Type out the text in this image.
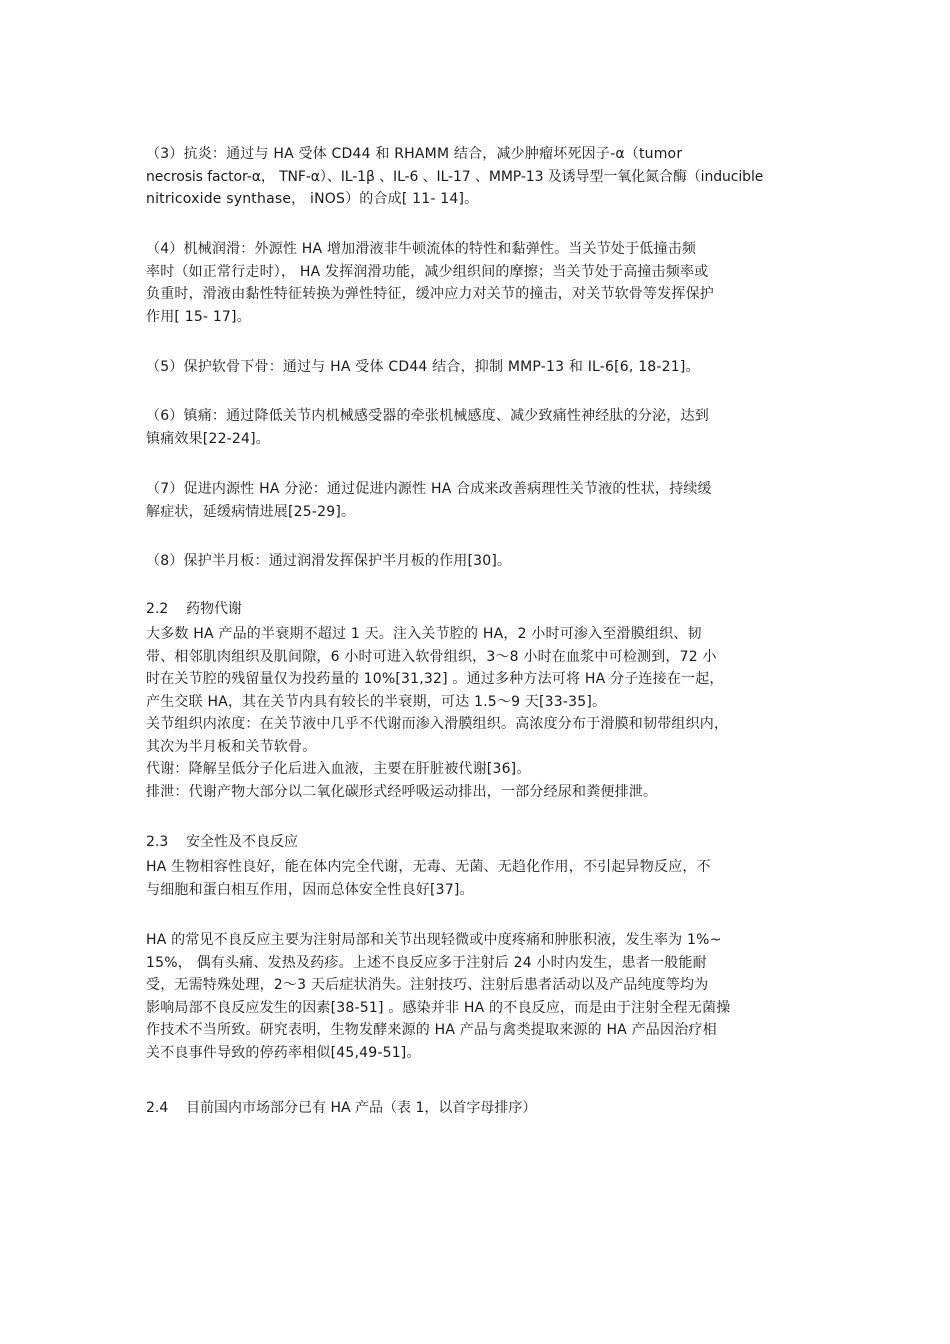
（3）抗炎：通过与 HA 受体 CD44 和 RHAMM 结合，减少肿瘤坏死因子-α（tumor
necrosis factor-α， TNF-α）、IL-1β 、IL-6 、IL-17 、MMP-13 及诱导型一氧化氮合酶（inducible
nitricoxide synthase， iNOS）的合成[ 11- 14]。
（4）机械润滑：外源性 HA 增加滑液非牛顿流体的特性和黏弹性。当关节处于低撞击频
率时（如正常行走时）， HA 发挥润滑功能，减少组织间的摩擦；当关节处于高撞击频率或
负重时，滑液由黏性特征转换为弹性特征，缓冲应力对关节的撞击，对关节软骨等发挥保护
作用[ 15- 17]。
（5）保护软骨下骨：通过与 HA 受体 CD44 结合，抑制 MMP-13 和 IL-6[6, 18-21]。
（6）镇痛：通过降低关节内机械感受器的牵张机械感度、减少致痛性神经肽的分泌，达到
镇痛效果[22-24]。
（7）促进内源性 HA 分泌：通过促进内源性 HA 合成来改善病理性关节液的性状，持续缓
解症状，延缓病情进展[25-29]。
（8）保护半月板：通过润滑发挥保护半月板的作用[30]。
2.2 药物代谢
大多数 HA 产品的半衰期不超过 1 天。注入关节腔的 HA，2 小时可渗入至滑膜组织、韧
带、相邻肌肉组织及肌间隙，6 小时可进入软骨组织，3～8 小时在血浆中可检测到，72 小
时在关节腔的残留量仅为投药量的 10%[31,32] 。通过多种方法可将 HA 分子连接在一起，
产生交联 HA，其在关节内具有较长的半衰期，可达 1.5～9 天[33-35]。
关节组织内浓度：在关节液中几乎不代谢而渗入滑膜组织。高浓度分布于滑膜和韧带组织内，
其次为半月板和关节软骨。
代谢：降解呈低分子化后进入血液，主要在肝脏被代谢[36]。
排泄：代谢产物大部分以二氧化碳形式经呼吸运动排出，一部分经尿和粪便排泄。
2.3 安全性及不良反应
HA 生物相容性良好，能在体内完全代谢，无毒、无菌、无趋化作用，不引起异物反应，不
与细胞和蛋白相互作用，因而总体安全性良好[37]。
HA 的常见不良反应主要为注射局部和关节出现轻微或中度疼痛和肿胀积液，发生率为 1%~
15%， 偶有头痛、发热及药疹。上述不良反应多于注射后 24 小时内发生，患者一般能耐
受，无需特殊处理，2～3 天后症状消失。注射技巧、注射后患者活动以及产品纯度等均为
影响局部不良反应发生的因素[38-51] 。感染并非 HA 的不良反应，而是由于注射全程无菌操
作技术不当所致。研究表明，生物发酵来源的 HA 产品与禽类提取来源的 HA 产品因治疗相
关不良事件导致的停药率相似[45,49-51]。
2.4 目前国内市场部分已有 HA 产品（表 1，以首字母排序）
